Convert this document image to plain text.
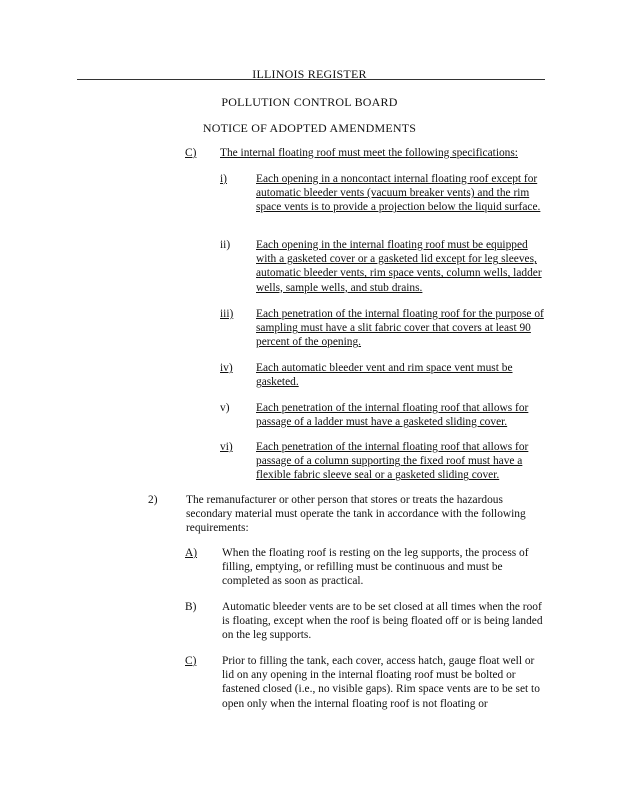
ILLINOIS REGISTER
POLLUTION CONTROL BOARD
NOTICE OF ADOPTED AMENDMENTS
C) The internal floating roof must meet the following specifications:
i)	Each opening in a noncontact internal floating roof except for automatic bleeder vents (vacuum breaker vents) and the rim space vents is to provide a projection below the liquid surface.
ii) Each opening in the internal floating roof must be equipped with a gasketed cover or a gasketed lid except for leg sleeves, automatic bleeder vents, rim space vents, column wells, ladder wells, sample wells, and stub drains.
iii) Each penetration of the internal floating roof for the purpose of sampling must have a slit fabric cover that covers at least 90 percent of the opening.
iv) Each automatic bleeder vent and rim space vent must be gasketed.
v) Each penetration of the internal floating roof that allows for passage of a ladder must have a gasketed sliding cover.
vi) Each penetration of the internal floating roof that allows for passage of a column supporting the fixed roof must have a flexible fabric sleeve seal or a gasketed sliding cover.
2)	The remanufacturer or other person that stores or treats the hazardous secondary material must operate the tank in accordance with the following requirements:
A) When the floating roof is resting on the leg supports, the process of filling, emptying, or refilling must be continuous and must be completed as soon as practical.
B) Automatic bleeder vents are to be set closed at all times when the roof is floating, except when the roof is being floated off or is being landed on the leg supports.
C) Prior to filling the tank, each cover, access hatch, gauge float well or lid on any opening in the internal floating roof must be bolted or fastened closed (i.e., no visible gaps). Rim space vents are to be set to open only when the internal floating roof is not floating or
